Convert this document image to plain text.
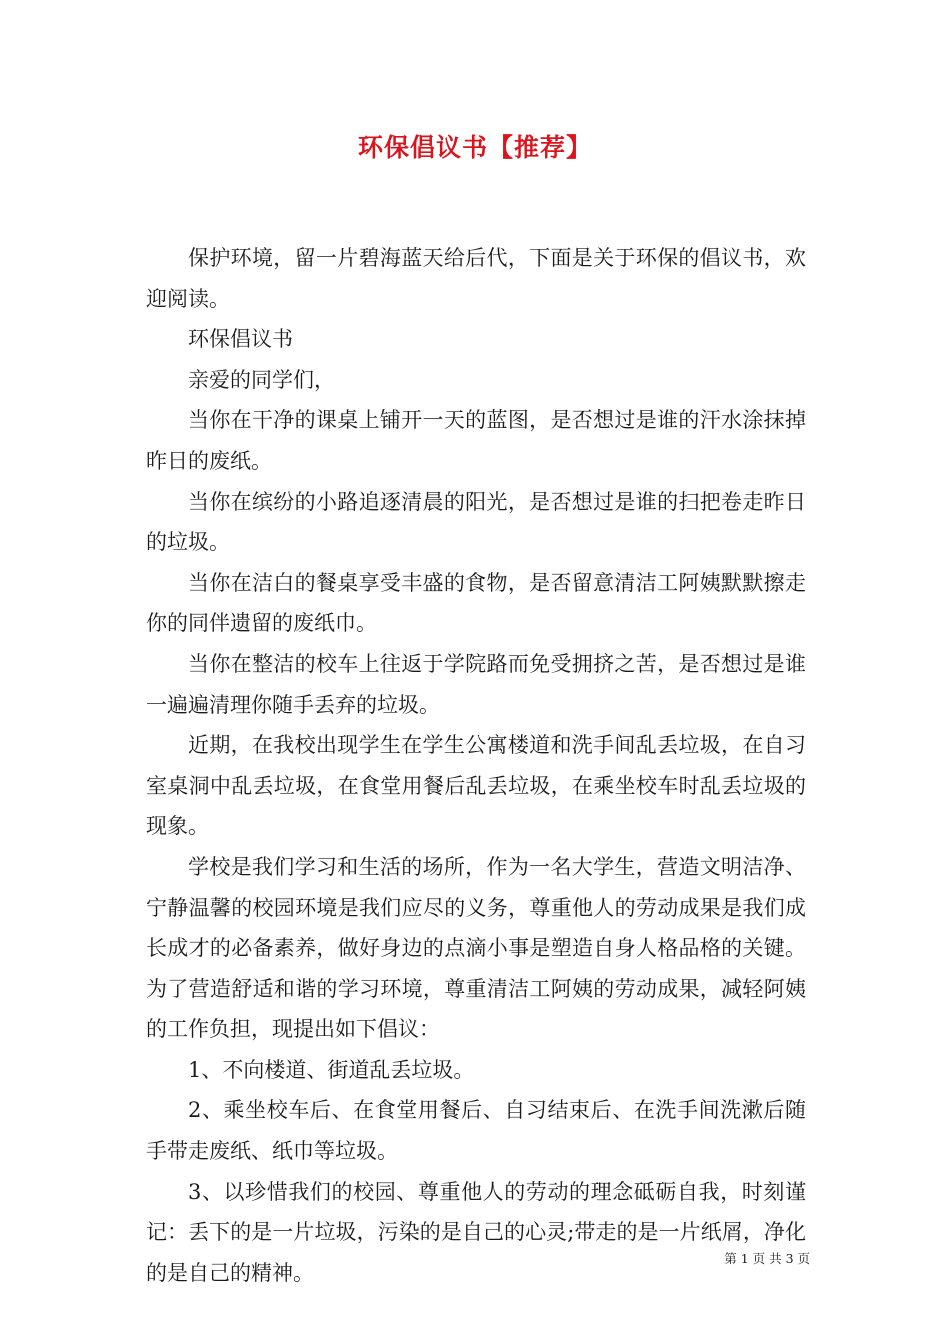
环保倡议书【推荐】

保护环境，留一片碧海蓝天给后代，下面是关于环保的倡议书，欢迎阅读。

环保倡议书

亲爱的同学们，

当你在干净的课桌上铺开一天的蓝图，是否想过是谁的汗水涂抹掉昨日的废纸。

当你在缤纷的小路追逐清晨的阳光，是否想过是谁的扫把卷走昨日的垃圾。

当你在洁白的餐桌享受丰盛的食物，是否留意清洁工阿姨默默擦走你的同伴遗留的废纸巾。

当你在整洁的校车上往返于学院路而免受拥挤之苦，是否想过是谁一遍遍清理你随手丢弃的垃圾。

近期，在我校出现学生在学生公寓楼道和洗手间乱丢垃圾，在自习室桌洞中乱丢垃圾，在食堂用餐后乱丢垃圾，在乘坐校车时乱丢垃圾的现象。

学校是我们学习和生活的场所，作为一名大学生，营造文明洁净、宁静温馨的校园环境是我们应尽的义务，尊重他人的劳动成果是我们成长成才的必备素养，做好身边的点滴小事是塑造自身人格品格的关键。为了营造舒适和谐的学习环境，尊重清洁工阿姨的劳动成果，减轻阿姨的工作负担，现提出如下倡议：

1、不向楼道、街道乱丢垃圾。

2、乘坐校车后、在食堂用餐后、自习结束后、在洗手间洗漱后随手带走废纸、纸巾等垃圾。

3、以珍惜我们的校园、尊重他人的劳动的理念砥砺自我，时刻谨记：丢下的是一片垃圾，污染的是自己的心灵;带走的是一片纸屑，净化的是自己的精神。

第 1 页 共 3 页
